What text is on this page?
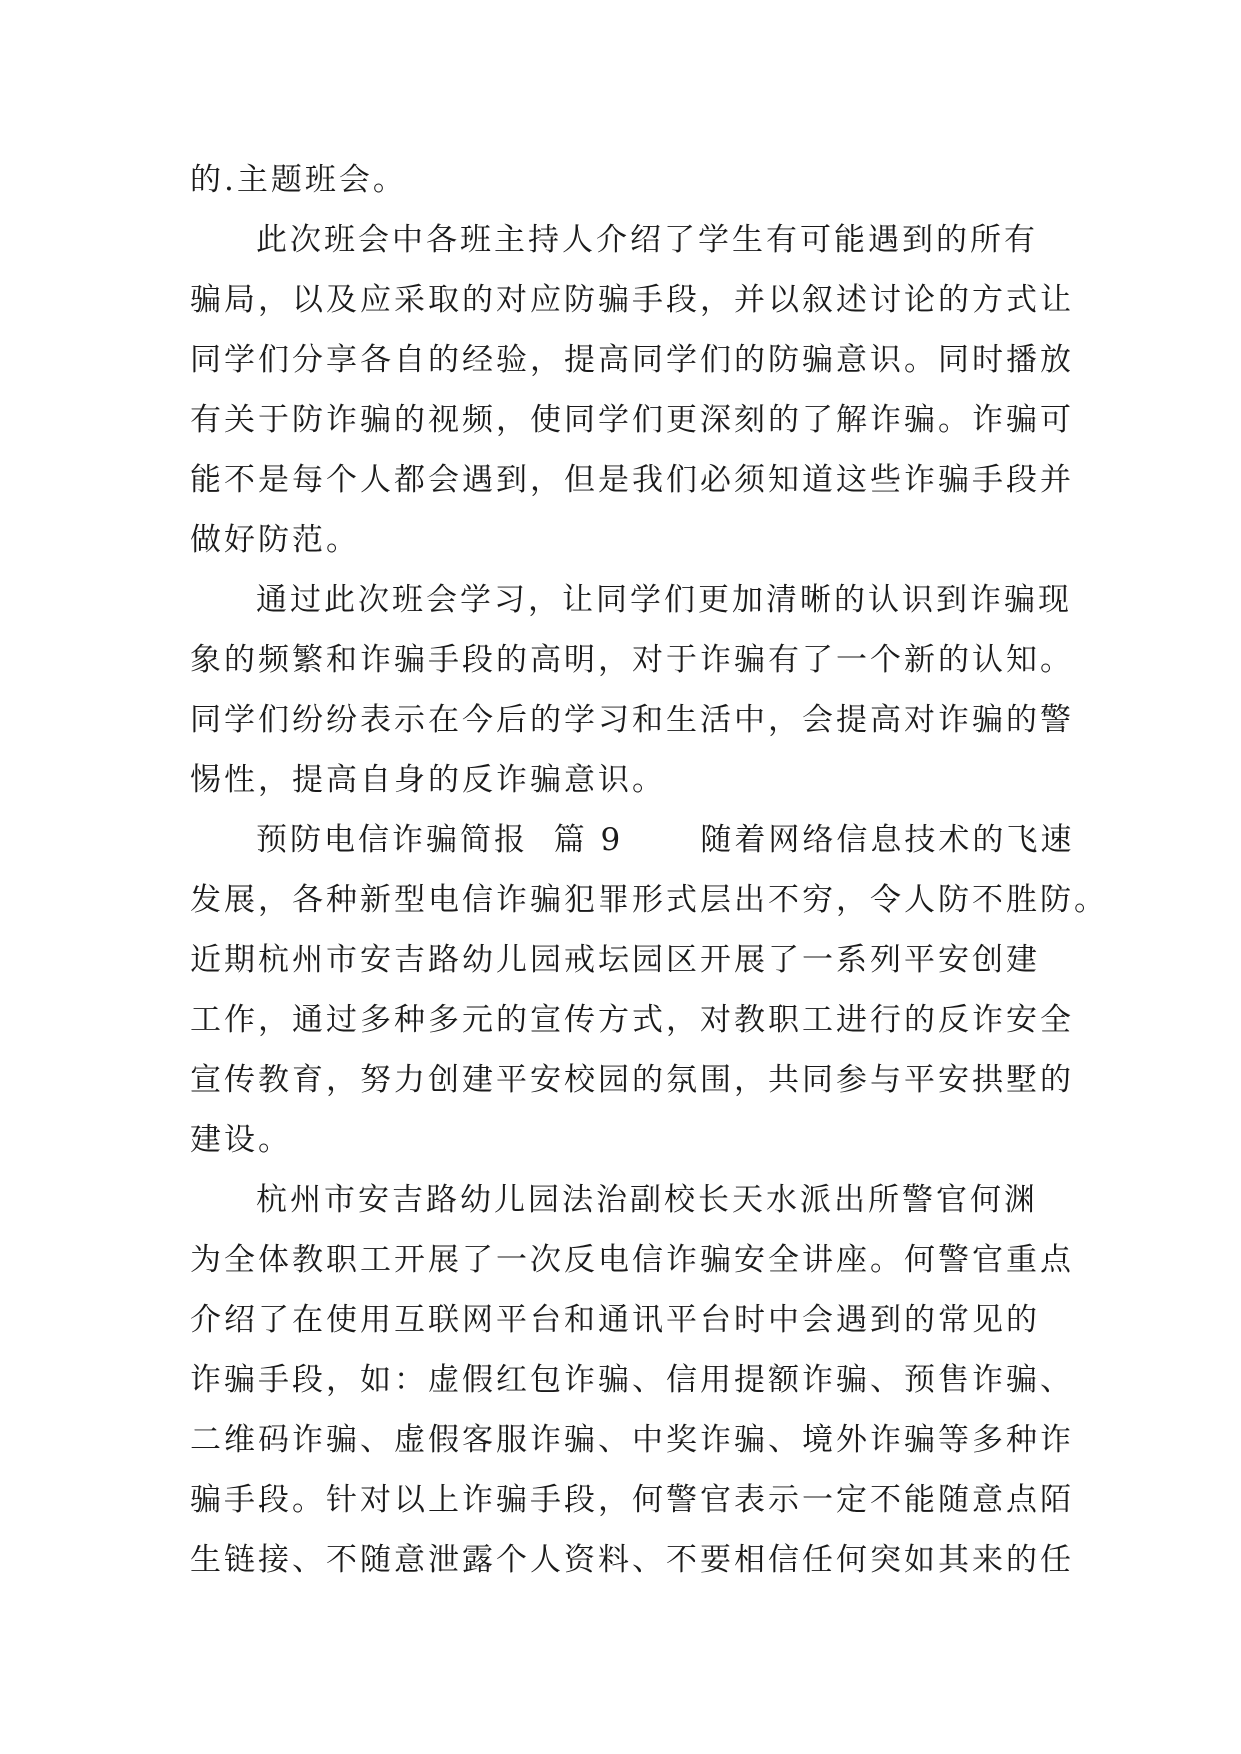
的.主题班会。
此次班会中各班主持人介绍了学生有可能遇到的所有
骗局，以及应采取的对应防骗手段，并以叙述讨论的方式让
同学们分享各自的经验，提高同学们的防骗意识。同时播放
有关于防诈骗的视频，使同学们更深刻的了解诈骗。诈骗可
能不是每个人都会遇到，但是我们必须知道这些诈骗手段并
做好防范。
通过此次班会学习，让同学们更加清晰的认识到诈骗现
象的频繁和诈骗手段的高明，对于诈骗有了一个新的认知。
同学们纷纷表示在今后的学习和生活中，会提高对诈骗的警
惕性，提高自身的反诈骗意识。
预防电信诈骗简报  篇 9      随着网络信息技术的飞速
发展，各种新型电信诈骗犯罪形式层出不穷，令人防不胜防。
近期杭州市安吉路幼儿园戒坛园区开展了一系列平安创建
工作，通过多种多元的宣传方式，对教职工进行的反诈安全
宣传教育，努力创建平安校园的氛围，共同参与平安拱墅的
建设。
杭州市安吉路幼儿园法治副校长天水派出所警官何渊
为全体教职工开展了一次反电信诈骗安全讲座。何警官重点
介绍了在使用互联网平台和通讯平台时中会遇到的常见的
诈骗手段，如：虚假红包诈骗、信用提额诈骗、预售诈骗、
二维码诈骗、虚假客服诈骗、中奖诈骗、境外诈骗等多种诈
骗手段。针对以上诈骗手段，何警官表示一定不能随意点陌
生链接、不随意泄露个人资料、不要相信任何突如其来的任
